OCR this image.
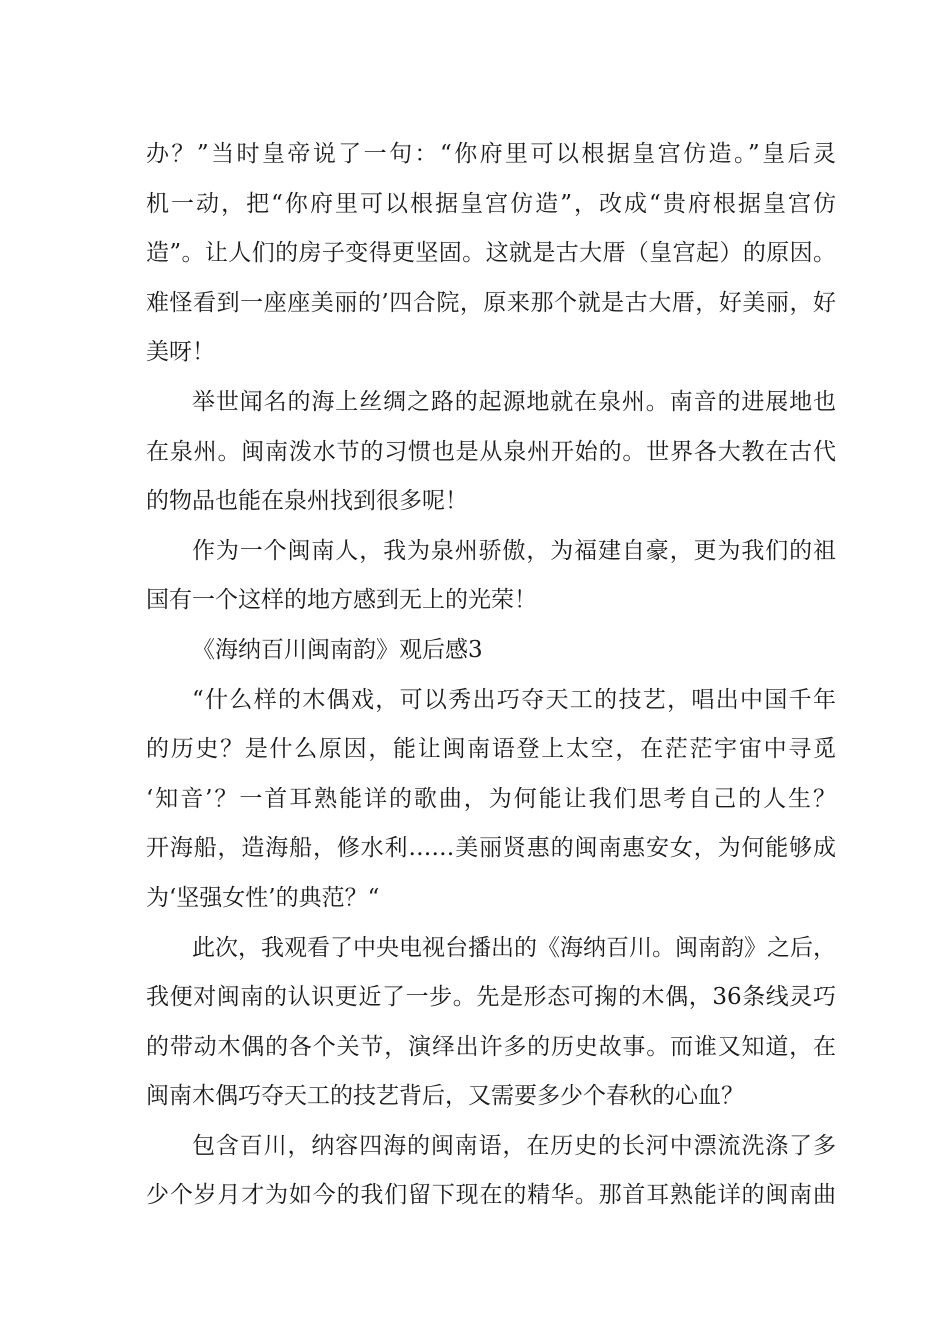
办？”当时皇帝说了一句：“你府里可以根据皇宫仿造。”皇后灵
机一动，把“你府里可以根据皇宫仿造”，改成“贵府根据皇宫仿
造”。让人们的房子变得更坚固。这就是古大厝（皇宫起）的原因。
难怪看到一座座美丽的’四合院，原来那个就是古大厝，好美丽，好
美呀！
举世闻名的海上丝绸之路的起源地就在泉州。南音的进展地也
在泉州。闽南泼水节的习惯也是从泉州开始的。世界各大教在古代
的物品也能在泉州找到很多呢！
作为一个闽南人，我为泉州骄傲，为福建自豪，更为我们的祖
国有一个这样的地方感到无上的光荣！
《海纳百川闽南韵》观后感3
“什么样的木偶戏，可以秀出巧夺天工的技艺，唱出中国千年
的历史？是什么原因，能让闽南语登上太空，在茫茫宇宙中寻觅
‘知音’？一首耳熟能详的歌曲，为何能让我们思考自己的人生？
开海船，造海船，修水利……美丽贤惠的闽南惠安女，为何能够成
为‘坚强女性’的典范？“
此次，我观看了中央电视台播出的《海纳百川。闽南韵》之后，
我便对闽南的认识更近了一步。先是形态可掬的木偶，36条线灵巧
的带动木偶的各个关节，演绎出许多的历史故事。而谁又知道，在
闽南木偶巧夺天工的技艺背后，又需要多少个春秋的心血？
包含百川，纳容四海的闽南语，在历史的长河中漂流洗涤了多
少个岁月才为如今的我们留下现在的精华。那首耳熟能详的闽南曲
